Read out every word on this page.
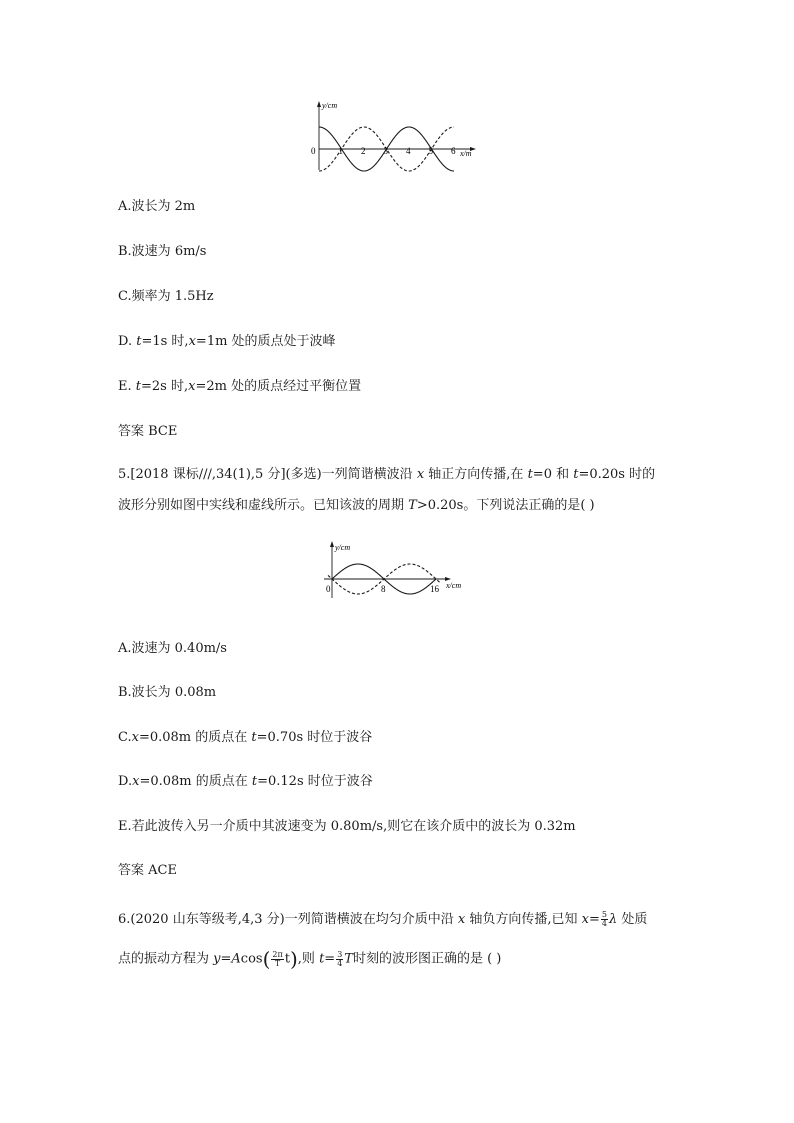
y/cm
x/m
0	1 2 3 4 5 6
A.波长为 2m
B.波速为 6m/s
C.频率为 1.5Hz
D. t=1s 时,x=1m 处的质点处于波峰
E. t=2s 时,x=2m 处的质点经过平衡位置
答案 BCE
5.[2018 课标///,34(1),5 分](多选)一列简谐横波沿 x 轴正方向传播,在 t=0 和 t=0.20s 时的
波形分别如图中实线和虚线所示。已知该波的周期 T>0.20s。下列说法正确的是( )
y/cm
x/cm
0	8	16
A.波速为 0.40m/s
B.波长为 0.08m
C.x=0.08m 的质点在 t=0.70s 时位于波谷
D.x=0.08m 的质点在 t=0.12s 时位于波谷
E.若此波传入另一介质中其波速变为 0.80m/s,则它在该介质中的波长为 0.32m
答案 ACE
6.(2020 山东等级考,4,3 分)一列简谐横波在均匀介质中沿 x 轴负方向传播,已知 $x= \frac{5}{4}$ λ 处质
点的振动方程为 $y=Acos( \frac{2\pi}{T} t)$,则 $t= \frac{3}{4}$ T时刻的波形图正确的是 ( )
